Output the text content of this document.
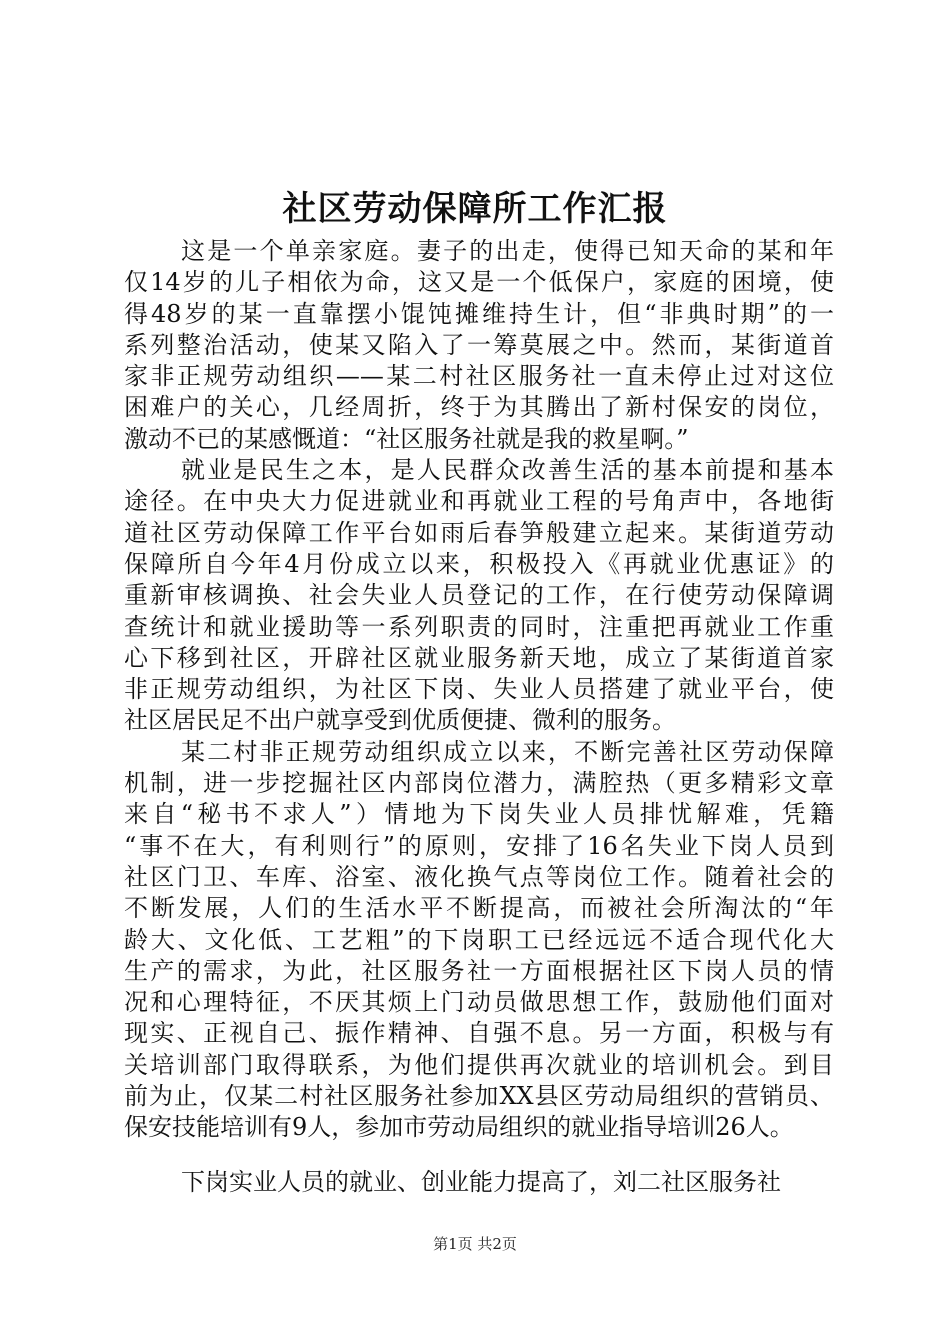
社区劳动保障所工作汇报
这是一个单亲家庭。妻子的出走，使得已知天命的某和年
仅14岁的儿子相依为命，这又是一个低保户，家庭的困境，使
得48岁的某一直靠摆小馄饨摊维持生计，但“非典时期”的一
系列整治活动，使某又陷入了一筹莫展之中。然而，某街道首
家非正规劳动组织——某二村社区服务社一直未停止过对这位
困难户的关心，几经周折，终于为其腾出了新村保安的岗位，
激动不已的某感慨道：“社区服务社就是我的救星啊。”
就业是民生之本，是人民群众改善生活的基本前提和基本
途径。在中央大力促进就业和再就业工程的号角声中，各地街
道社区劳动保障工作平台如雨后春笋般建立起来。某街道劳动
保障所自今年4月份成立以来，积极投入《再就业优惠证》的
重新审核调换、社会失业人员登记的工作，在行使劳动保障调
查统计和就业援助等一系列职责的同时，注重把再就业工作重
心下移到社区，开辟社区就业服务新天地，成立了某街道首家
非正规劳动组织，为社区下岗、失业人员搭建了就业平台，使
社区居民足不出户就享受到优质便捷、微利的服务。
某二村非正规劳动组织成立以来，不断完善社区劳动保障
机制，进一步挖掘社区内部岗位潜力，满腔热（更多精彩文章
来自“秘书不求人”）情地为下岗失业人员排忧解难，凭籍
“事不在大，有利则行”的原则，安排了16名失业下岗人员到
社区门卫、车库、浴室、液化换气点等岗位工作。随着社会的
不断发展，人们的生活水平不断提高，而被社会所淘汰的“年
龄大、文化低、工艺粗”的下岗职工已经远远不适合现代化大
生产的需求，为此，社区服务社一方面根据社区下岗人员的情
况和心理特征，不厌其烦上门动员做思想工作，鼓励他们面对
现实、正视自己、振作精神、自强不息。另一方面，积极与有
关培训部门取得联系，为他们提供再次就业的培训机会。到目
前为止，仅某二村社区服务社参加XX县区劳动局组织的营销员、
保安技能培训有9人，参加市劳动局组织的就业指导培训26人。
下岗实业人员的就业、创业能力提高了，刘二社区服务社
第1页 共2页
